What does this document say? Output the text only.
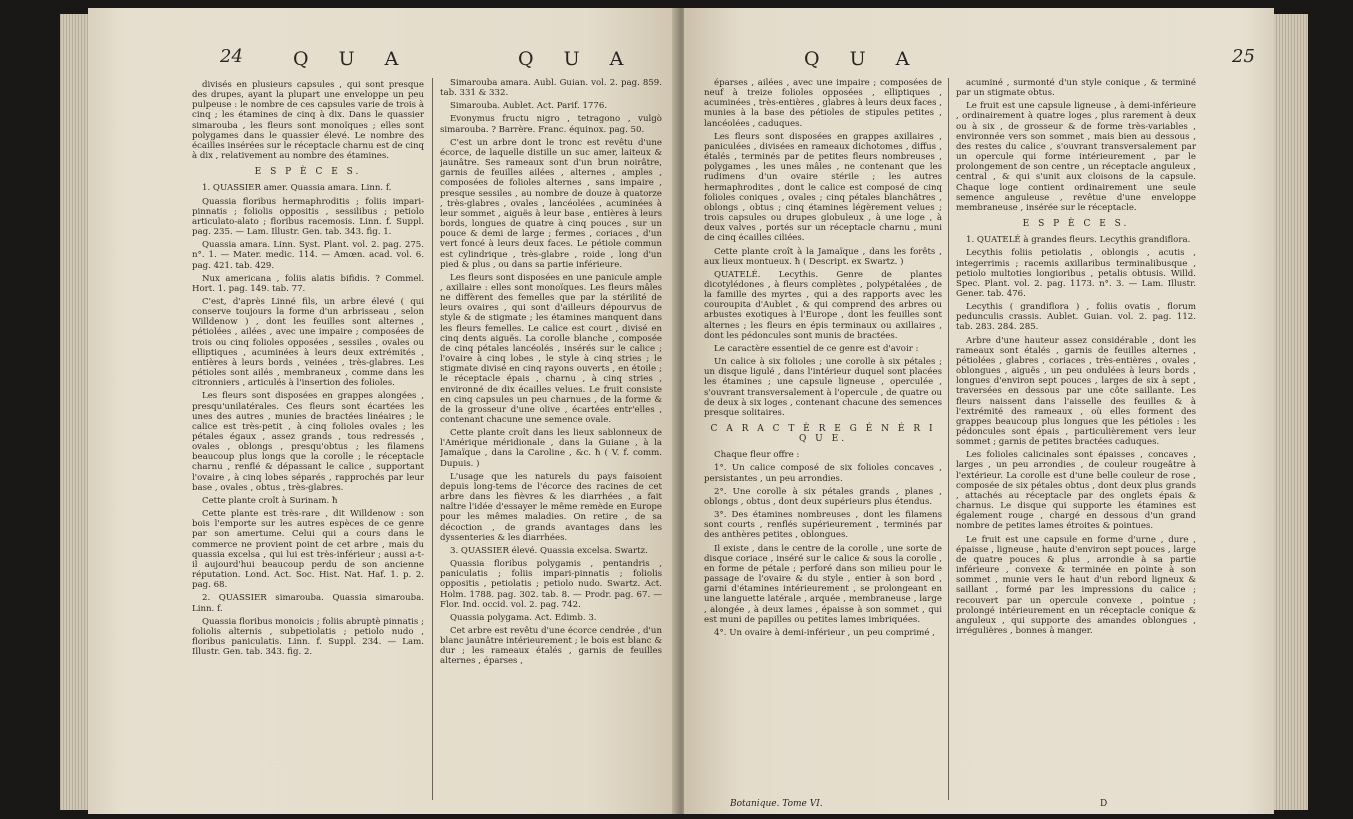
24	Q U A	Q U A

divisés en plusieurs capsules , qui sont presque des drupes, ayant la plupart une enveloppe un peu pulpeuse : le nombre de ces capsules varie de trois à cinq ; les étamines de cinq à dix. Dans le quassier simarouba , les fleurs sont monoïques ; elles sont polygames dans le quassier élevé. Le nombre des écailles insérées sur le réceptacle charnu est de cinq à dix , relativement au nombre des étamines.

E S P È C E S.

1. QUASSIER amer. Quassia amara. Linn. f.

Quassia floribus hermaphroditis ; foliis impari-pinnatis ; foliolis oppositis , sessilibus ; petiolo articulato-alato ; floribus racemosis. Linn. f. Suppl. pag. 235. — Lam. Illustr. Gen. tab. 343. fig. 1.

Quassia amara. Linn. Syst. Plant. vol. 2. pag. 275. n°. 1. — Mater. medic. 114. — Amœn. acad. vol. 6. pag. 421. tab. 429.

Nux americana , foliis alatis bifidis. ? Commel. Hort. 1. pag. 149. tab. 77.

C'est, d'après Linné fils, un arbre élevé ( qui conserve toujours la forme d'un arbrisseau , selon Willdenow ) , dont les feuilles sont alternes , pétiolées , ailées , avec une impaire ; composées de trois ou cinq folioles opposées , sessiles , ovales ou elliptiques , acuminées à leurs deux extrémités , entières à leurs bords , veinées , très-glabres. Les pétioles sont ailés , membraneux , comme dans les citronniers , articulés à l'insertion des folioles.

Les fleurs sont disposées en grappes alongées , presqu'unilatérales. Ces fleurs sont écartées les unes des autres , munies de bractées linéaires ; le calice est très-petit , à cinq folioles ovales ; les pétales égaux , assez grands , tous redressés , ovales , oblongs , presqu'obtus ; les filamens beaucoup plus longs que la corolle ; le réceptacle charnu , renflé & dépassant le calice , supportant l'ovaire , à cinq lobes séparés , rapprochés par leur base , ovales , obtus , très-glabres.

Cette plante croît à Surinam. ħ

Cette plante est très-rare , dit Willdenow : son bois l'emporte sur les autres espèces de ce genre par son amertume. Celui qui a cours dans le commerce ne provient point de cet arbre , mais du quassia excelsa , qui lui est très-inférieur ; aussi a-t-il aujourd'hui beaucoup perdu de son ancienne réputation. Lond. Act. Soc. Hist. Nat. Haf. 1. p. 2. pag. 68.

2. QUASSIER simarouba. Quassia simarouba. Linn. f.

Quassia floribus monoicis ; foliis abruptè pinnatis ; foliolis alternis , subpetiolatis ; petiolo nudo , floribus paniculatis. Linn. f. Suppl. 234. — Lam. Illustr. Gen. tab. 343. fig. 2.

Simarouba amara. Aubl. Guian. vol. 2. pag. 859. tab. 331 & 332.

Simarouba. Aublet. Act. Parif. 1776.

Evonymus fructu nigro , tetragono , vulgò simarouba. ? Barrère. Franc. équinox. pag. 50.

C'est un arbre dont le tronc est revêtu d'une écorce, de laquelle distille un suc amer, laiteux & jaunâtre. Ses rameaux sont d'un brun noirâtre, garnis de feuilles ailées , alternes , amples , composées de folioles alternes , sans impaire , presque sessiles , au nombre de douze à quatorze , très-glabres , ovales , lancéolées , acuminées à leur sommet , aiguës à leur base , entières à leurs bords, longues de quatre à cinq pouces , sur un pouce & demi de large ; fermes , coriaces , d'un vert foncé à leurs deux faces. Le pétiole commun est cylindrique , très-glabre , roide , long d'un pied & plus , ou dans sa partie inférieure.

Les fleurs sont disposées en une panicule ample , axillaire : elles sont monoïques. Les fleurs mâles ne diffèrent des femelles que par la stérilité de leurs ovaires , qui sont d'ailleurs dépourvus de style & de stigmate ; les étamines manquent dans les fleurs femelles. Le calice est court , divisé en cinq dents aiguës. La corolle blanche , composée de cinq pétales lancéolés , insérés sur le calice ; l'ovaire à cinq lobes , le style à cinq stries ; le stigmate divisé en cinq rayons ouverts , en étoile ; le réceptacle épais , charnu , à cinq stries , environné de dix écailles velues. Le fruit consiste en cinq capsules un peu charnues , de la forme & de la grosseur d'une olive , écartées entr'elles , contenant chacune une semence ovale.

Cette plante croît dans les lieux sablonneux de l'Amérique méridionale , dans la Guiane , à la Jamaïque , dans la Caroline , &c. ħ ( V. f. comm. Dupuis. )

L'usage que les naturels du pays faisoient depuis long-tems de l'écorce des racines de cet arbre dans les fièvres & les diarrhées , a fait naître l'idée d'essayer le même remède en Europe pour les mêmes maladies. On retire , de sa décoction , de grands avantages dans les dyssenteries & les diarrhées.

3. QUASSIER élevé. Quassia excelsa. Swartz.

Quassia floribus polygamis , pentandris , paniculatis ; foliis impari-pinnatis ; foliolis oppositis , petiolatis ; petiolo nudo. Swartz. Act. Holm. 1788. pag. 302. tab. 8. — Prodr. pag. 67. — Flor. Ind. occid. vol. 2. pag. 742.

Quassia polygama. Act. Edimb. 3.

Cet arbre est revêtu d'une écorce cendrée , d'un blanc jaunâtre intérieurement ; le bois est blanc & dur ; les rameaux étalés , garnis de feuilles alternes , éparses ,

Q U A	25

éparses , ailées , avec une impaire ; composées de neuf à treize folioles opposées , elliptiques , acuminées , très-entières , glabres à leurs deux faces , munies à la base des pétioles de stipules petites , lancéolées , caduques.

Les fleurs sont disposées en grappes axillaires , paniculées , divisées en rameaux dichotomes , diffus , étalés , terminés par de petites fleurs nombreuses , polygames , les unes mâles , ne contenant que les rudimens d'un ovaire stérile ; les autres hermaphrodites , dont le calice est composé de cinq folioles coniques , ovales ; cinq pétales blanchâtres , oblongs , obtus ; cinq étamines légèrement velues ; trois capsules ou drupes globuleux , à une loge , à deux valves , portés sur un réceptacle charnu , muni de cinq écailles ciliées.

Cette plante croît à la Jamaïque , dans les forêts , aux lieux montueux. ħ ( Descript. ex Swartz. )

QUATELÉ. Lecythis. Genre de plantes dicotylédones , à fleurs complètes , polypétalées , de la famille des myrtes , qui a des rapports avec les couroupita d'Aublet , & qui comprend des arbres ou arbustes exotiques à l'Europe , dont les feuilles sont alternes ; les fleurs en épis terminaux ou axillaires , dont les pédoncules sont munis de bractées.

Le caractère essentiel de ce genre est d'avoir :

Un calice à six folioles ; une corolle à six pétales ; un disque ligulé , dans l'intérieur duquel sont placées les étamines ; une capsule ligneuse , operculée , s'ouvrant transversalement à l'opercule , de quatre ou de deux à six loges , contenant chacune des semences presque solitaires.

C A R A C T È R E G É N É R I Q U E.

Chaque fleur offre :

1°. Un calice composé de six folioles concaves , persistantes , un peu arrondies.

2°. Une corolle à six pétales grands , planes , oblongs , obtus , dont deux supérieurs plus étendus.

3°. Des étamines nombreuses , dont les filamens sont courts , renflés supérieurement , terminés par des anthères petites , oblongues.

Il existe , dans le centre de la corolle , une sorte de disque coriace , inséré sur le calice & sous la corolle , en forme de pétale ; perforé dans son milieu pour le passage de l'ovaire & du style , entier à son bord , garni d'étamines intérieurement , se prolongeant en une languette latérale , arquée , membraneuse , large , alongée , à deux lames , épaisse à son sommet , qui est muni de papilles ou petites lames imbriquées.

4°. Un ovaire à demi-inférieur , un peu comprimé ,

acuminé , surmonté d'un style conique , & terminé par un stigmate obtus.

Le fruit est une capsule ligneuse , à demi-inférieure , ordinairement à quatre loges , plus rarement à deux ou à six , de grosseur & de forme très-variables , environnée vers son sommet , mais bien au dessous , des restes du calice , s'ouvrant transversalement par un opercule qui forme intérieurement , par le prolongement de son centre , un réceptacle anguleux , central , & qui s'unit aux cloisons de la capsule. Chaque loge contient ordinairement une seule semence anguleuse , revêtue d'une enveloppe membraneuse , insérée sur le réceptacle.

E S P È C E S.

1. QUATELÉ à grandes fleurs. Lecythis grandiflora.

Lecythis foliis petiolatis , oblongis , acutis , integerrimis ; racemis axillaribus terminalibusque , petiolo multoties longioribus , petalis obtusis. Willd. Spec. Plant. vol. 2. pag. 1173. n°. 3. — Lam. Illustr. Gener. tab. 476.

Lecythis ( grandiflora ) , foliis ovatis , florum pedunculis crassis. Aublet. Guian. vol. 2. pag. 112. tab. 283. 284. 285.

Arbre d'une hauteur assez considérable , dont les rameaux sont étalés , garnis de feuilles alternes , pétiolées , glabres , coriaces , très-entières , ovales , oblongues , aiguës , un peu ondulées à leurs bords , longues d'environ sept pouces , larges de six à sept , traversées en dessous par une côte saillante. Les fleurs naissent dans l'aisselle des feuilles & à l'extrémité des rameaux , où elles forment des grappes beaucoup plus longues que les pétioles : les pédoncules sont épais , particulièrement vers leur sommet ; garnis de petites bractées caduques.

Les folioles calicinales sont épaisses , concaves , larges , un peu arrondies , de couleur rougeâtre à l'extérieur. La corolle est d'une belle couleur de rose , composée de six pétales obtus , dont deux plus grands , attachés au réceptacle par des onglets épais & charnus. Le disque qui supporte les étamines est également rouge , chargé en dessous d'un grand nombre de petites lames étroites & pointues.

Le fruit est une capsule en forme d'urne , dure , épaisse , ligneuse , haute d'environ sept pouces , large de quatre pouces & plus , arrondie à sa partie inférieure , convexe & terminée en pointe à son sommet , munie vers le haut d'un rebord ligneux & saillant , formé par les impressions du calice ; recouvert par un opercule convexe , pointue ; prolongé intérieurement en un réceptacle conique & anguleux , qui supporte des amandes oblongues , irrégulières , bonnes à manger.

Botanique. Tome VI.	D
